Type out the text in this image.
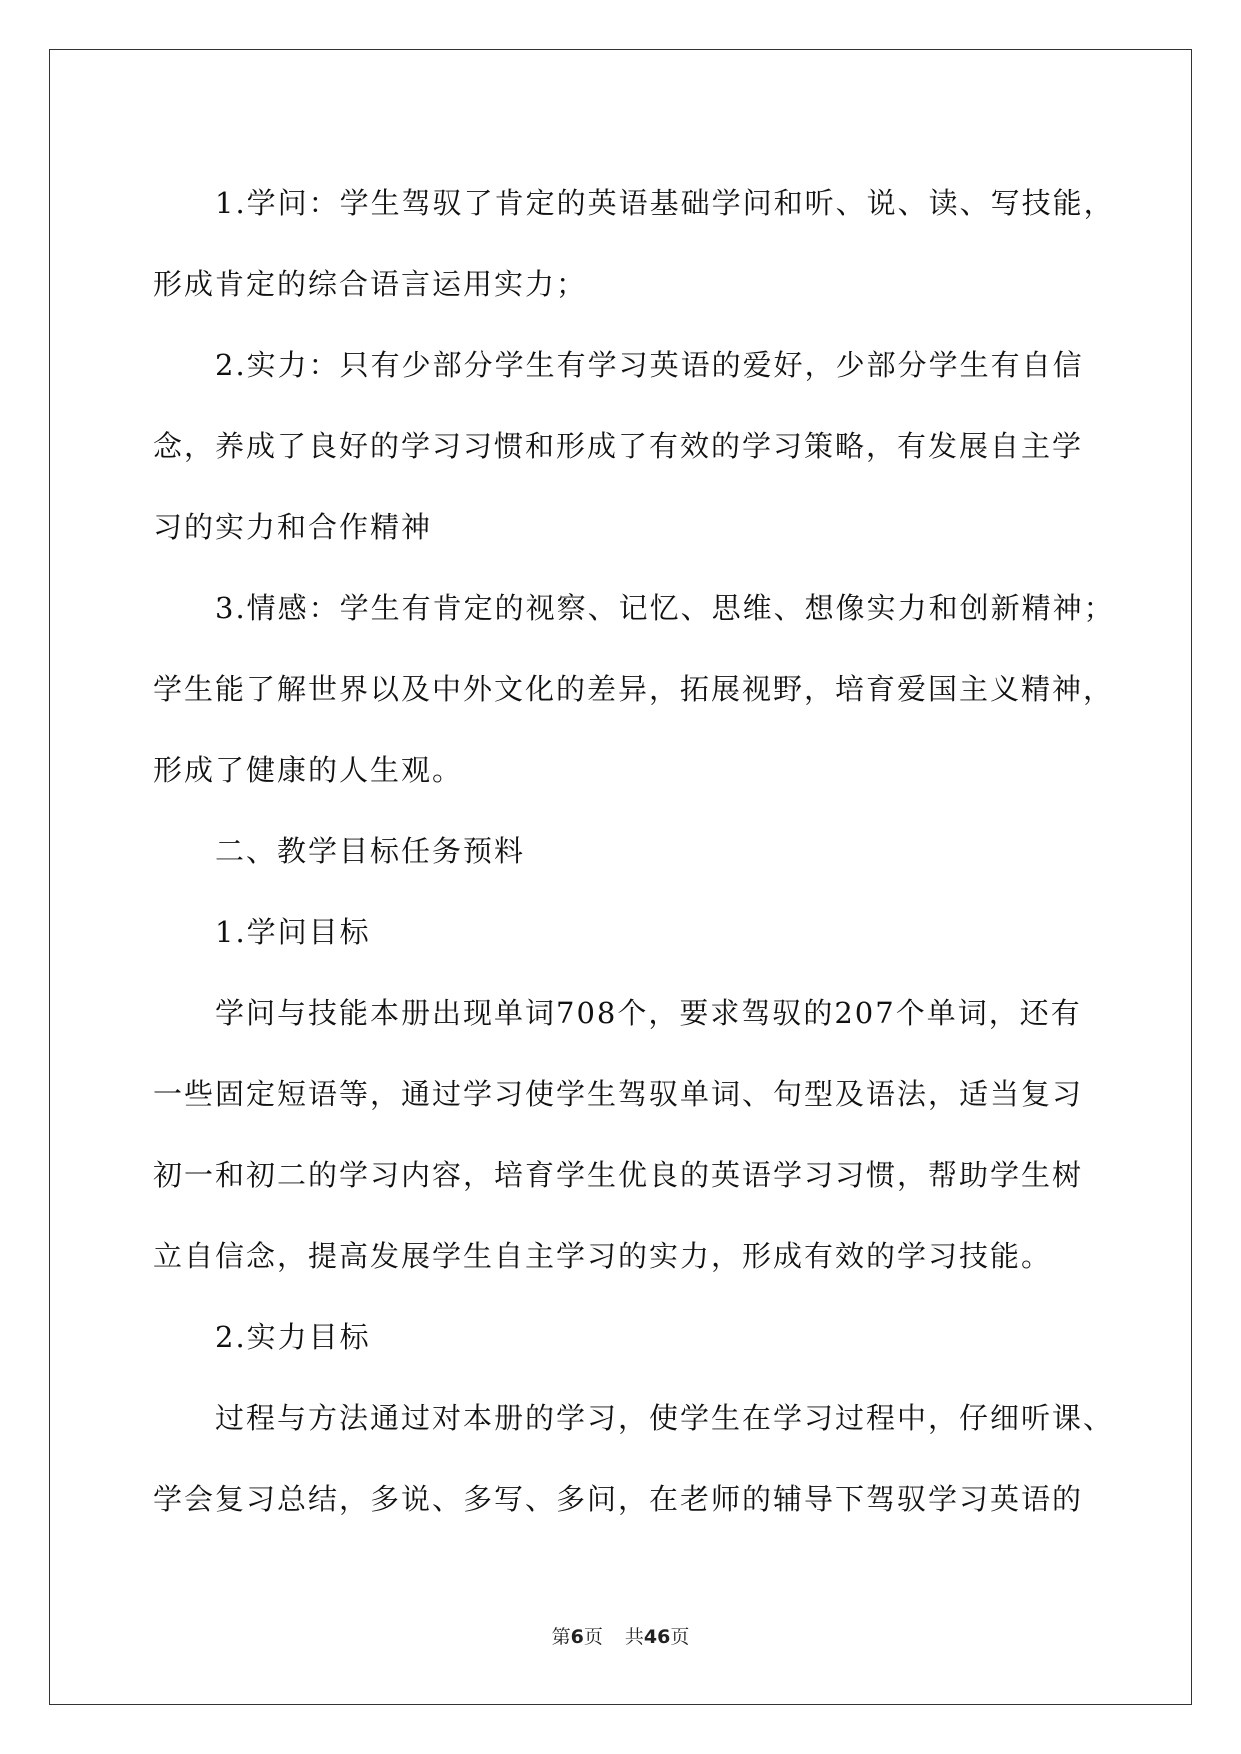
1.学问：学生驾驭了肯定的英语基础学问和听、说、读、写技能，

形成肯定的综合语言运用实力；

2.实力：只有少部分学生有学习英语的爱好，少部分学生有自信

念，养成了良好的学习习惯和形成了有效的学习策略，有发展自主学

习的实力和合作精神

3.情感：学生有肯定的视察、记忆、思维、想像实力和创新精神；

学生能了解世界以及中外文化的差异，拓展视野，培育爱国主义精神，

形成了健康的人生观。

二、教学目标任务预料

1.学问目标

学问与技能本册出现单词708个，要求驾驭的207个单词，还有

一些固定短语等，通过学习使学生驾驭单词、句型及语法，适当复习

初一和初二的学习内容，培育学生优良的英语学习习惯，帮助学生树

立自信念，提高发展学生自主学习的实力，形成有效的学习技能。

2.实力目标

过程与方法通过对本册的学习，使学生在学习过程中，仔细听课、

学会复习总结，多说、多写、多问，在老师的辅导下驾驭学习英语的

第6页 共46页
